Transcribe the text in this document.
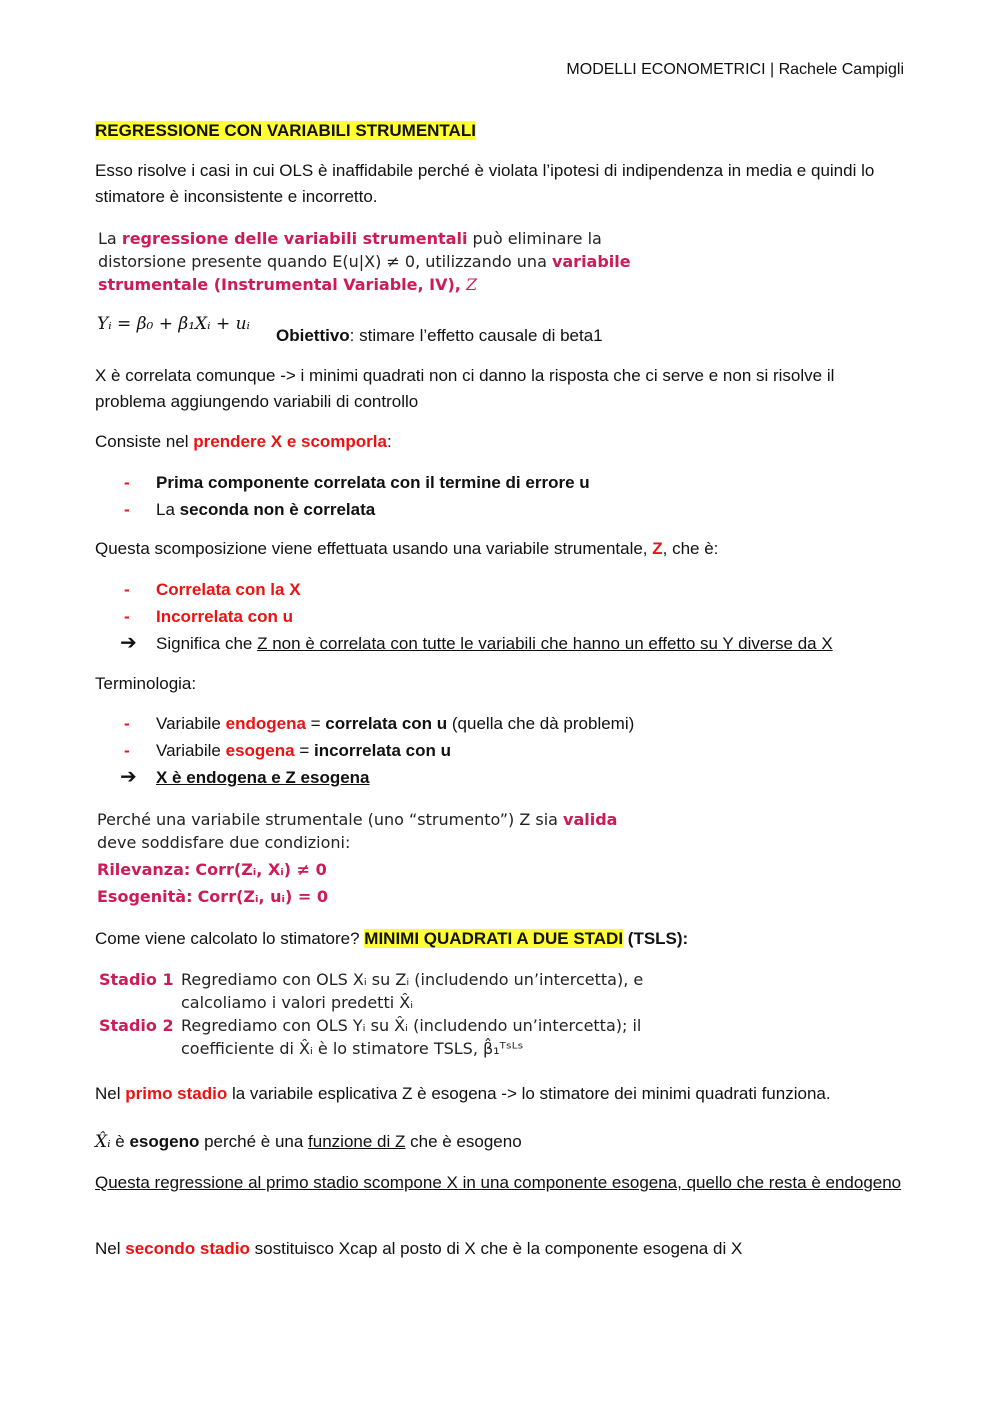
MODELLI ECONOMETRICI | Rachele Campigli
REGRESSIONE CON VARIABILI STRUMENTALI
Esso risolve i casi in cui OLS è inaffidabile perché è violata l’ipotesi di indipendenza in media e quindi lo stimatore è inconsistente e incorretto.
La regressione delle variabili strumentali può eliminare la
distorsione presente quando E(u|X) ≠ 0, utilizzando una variabile
strumentale (Instrumental Variable, IV), Z
Yᵢ = β₀ + β₁Xᵢ + uᵢ
Obiettivo: stimare l’effetto causale di beta1
X è correlata comunque -> i minimi quadrati non ci danno la risposta che ci serve e non si risolve il problema aggiungendo variabili di controllo
Consiste nel prendere X e scomporla:
- Prima componente correlata con il termine di errore u
- La seconda non è correlata
Questa scomposizione viene effettuata usando una variabile strumentale, Z, che è:
- Correlata con la X
- Incorrelata con u
➔ Significa che Z non è correlata con tutte le variabili che hanno un effetto su Y diverse da X
Terminologia:
- Variabile endogena = correlata con u (quella che dà problemi)
- Variabile esogena = incorrelata con u
➔ X è endogena e Z esogena
Perché una variabile strumentale (uno “strumento”) Z sia valida
deve soddisfare due condizioni:
Rilevanza: Corr(Zᵢ, Xᵢ) ≠ 0
Esogenità: Corr(Zᵢ, uᵢ) = 0
Come viene calcolato lo stimatore? MINIMI QUADRATI A DUE STADI (TSLS):
Stadio 1 Regrediamo con OLS Xᵢ su Zᵢ (includendo un’intercetta), e
calcoliamo i valori predetti X̂ᵢ
Stadio 2 Regrediamo con OLS Yᵢ su X̂ᵢ (includendo un’intercetta); il
coefficiente di X̂ᵢ è lo stimatore TSLS, β̂₁ᵀˢᴸˢ
Nel primo stadio la variabile esplicativa Z è esogena -> lo stimatore dei minimi quadrati funziona.
X̂ᵢ è esogeno perché è una funzione di Z che è esogeno
Questa regressione al primo stadio scompone X in una componente esogena, quello che resta è endogeno
Nel secondo stadio sostituisco Xcap al posto di X che è la componente esogena di X
